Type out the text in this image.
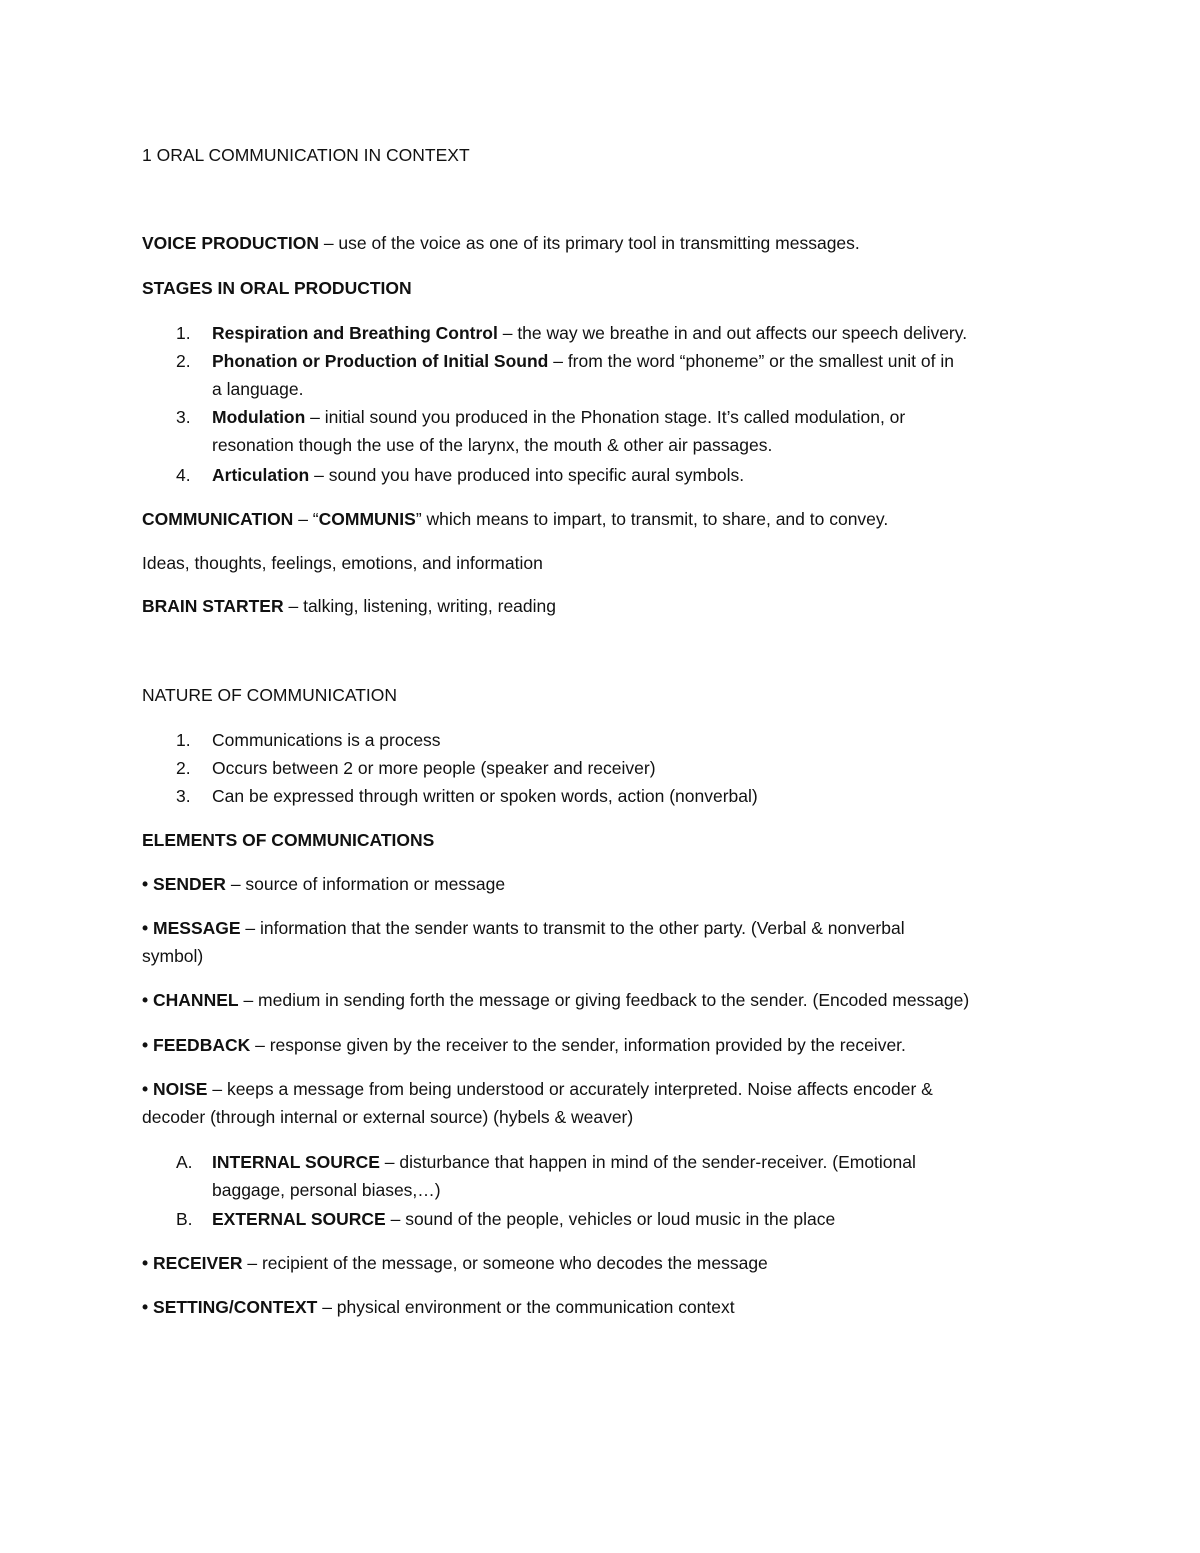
1 ORAL COMMUNICATION IN CONTEXT
VOICE PRODUCTION – use of the voice as one of its primary tool in transmitting messages.
STAGES IN ORAL PRODUCTION
1. Respiration and Breathing Control – the way we breathe in and out affects our speech delivery.
2. Phonation or Production of Initial Sound – from the word “phoneme” or the smallest unit of in
a language.
3. Modulation – initial sound you produced in the Phonation stage. It’s called modulation, or
resonation though the use of the larynx, the mouth & other air passages.
4. Articulation – sound you have produced into specific aural symbols.
COMMUNICATION – “COMMUNIS” which means to impart, to transmit, to share, and to convey.
Ideas, thoughts, feelings, emotions, and information
BRAIN STARTER – talking, listening, writing, reading
NATURE OF COMMUNICATION
1. Communications is a process
2. Occurs between 2 or more people (speaker and receiver)
3. Can be expressed through written or spoken words, action (nonverbal)
ELEMENTS OF COMMUNICATIONS
• SENDER – source of information or message
• MESSAGE – information that the sender wants to transmit to the other party. (Verbal & nonverbal
symbol)
• CHANNEL – medium in sending forth the message or giving feedback to the sender. (Encoded message)
• FEEDBACK – response given by the receiver to the sender, information provided by the receiver.
• NOISE – keeps a message from being understood or accurately interpreted. Noise affects encoder &
decoder (through internal or external source) (hybels & weaver)
A. INTERNAL SOURCE – disturbance that happen in mind of the sender-receiver. (Emotional
baggage, personal biases,…)
B. EXTERNAL SOURCE – sound of the people, vehicles or loud music in the place
• RECEIVER – recipient of the message, or someone who decodes the message
• SETTING/CONTEXT – physical environment or the communication context
